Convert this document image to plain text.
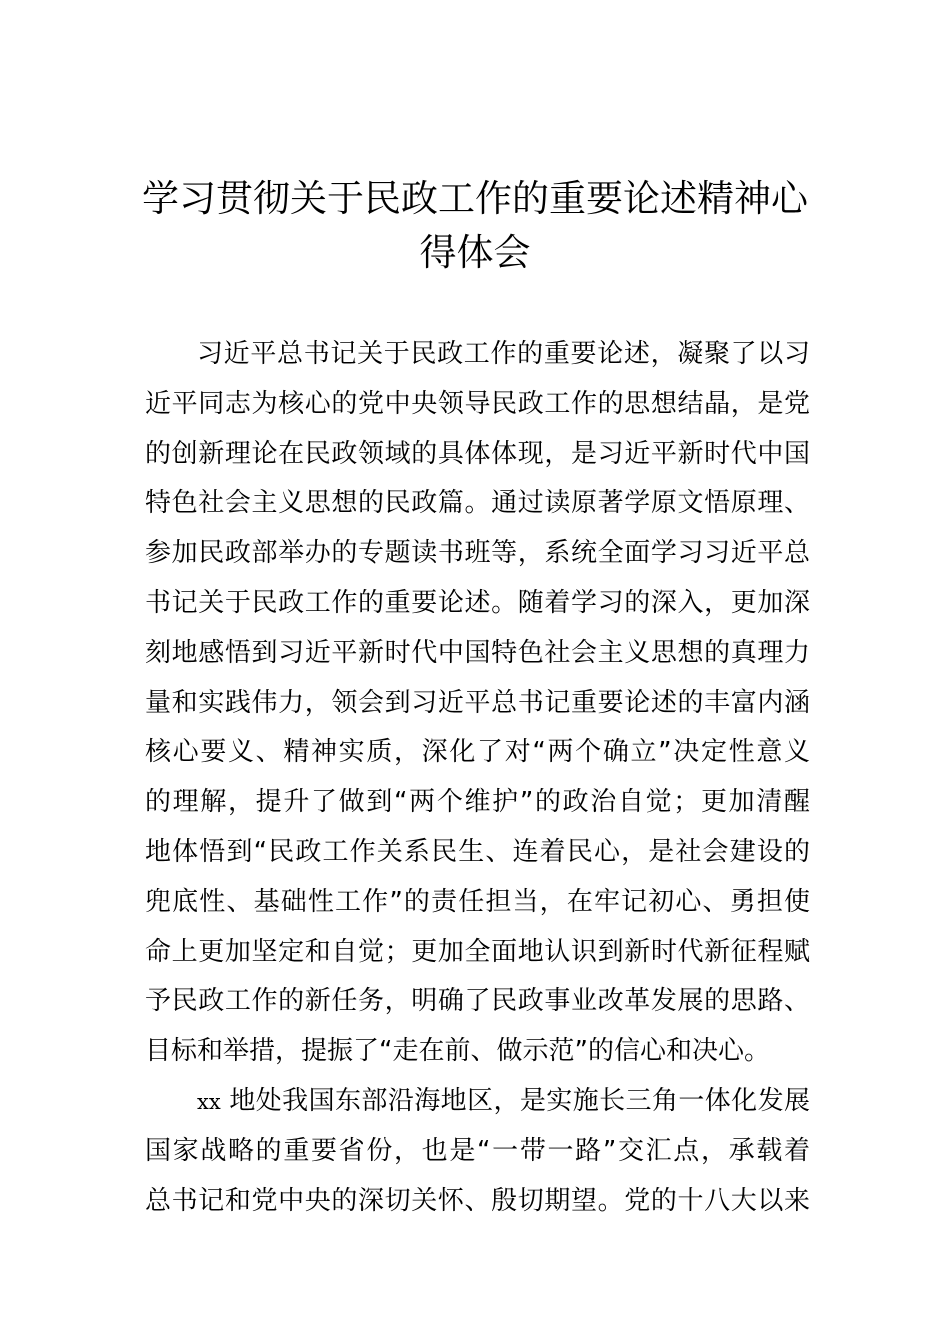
学习贯彻关于民政工作的重要论述精神心
得体会
习近平总书记关于民政工作的重要论述，凝聚了以习
近平同志为核心的党中央领导民政工作的思想结晶，是党
的创新理论在民政领域的具体体现，是习近平新时代中国
特色社会主义思想的民政篇。通过读原著学原文悟原理、
参加民政部举办的专题读书班等，系统全面学习习近平总
书记关于民政工作的重要论述。随着学习的深入，更加深
刻地感悟到习近平新时代中国特色社会主义思想的真理力
量和实践伟力，领会到习近平总书记重要论述的丰富内涵
核心要义、精神实质，深化了对“两个确立”决定性意义
的理解，提升了做到“两个维护”的政治自觉；更加清醒
地体悟到“民政工作关系民生、连着民心，是社会建设的
兜底性、基础性工作”的责任担当，在牢记初心、勇担使
命上更加坚定和自觉；更加全面地认识到新时代新征程赋
予民政工作的新任务，明确了民政事业改革发展的思路、
目标和举措，提振了“走在前、做示范”的信心和决心。
xx 地处我国东部沿海地区，是实施长三角一体化发展
国家战略的重要省份，也是“一带一路”交汇点，承载着
总书记和党中央的深切关怀、殷切期望。党的十八大以来
